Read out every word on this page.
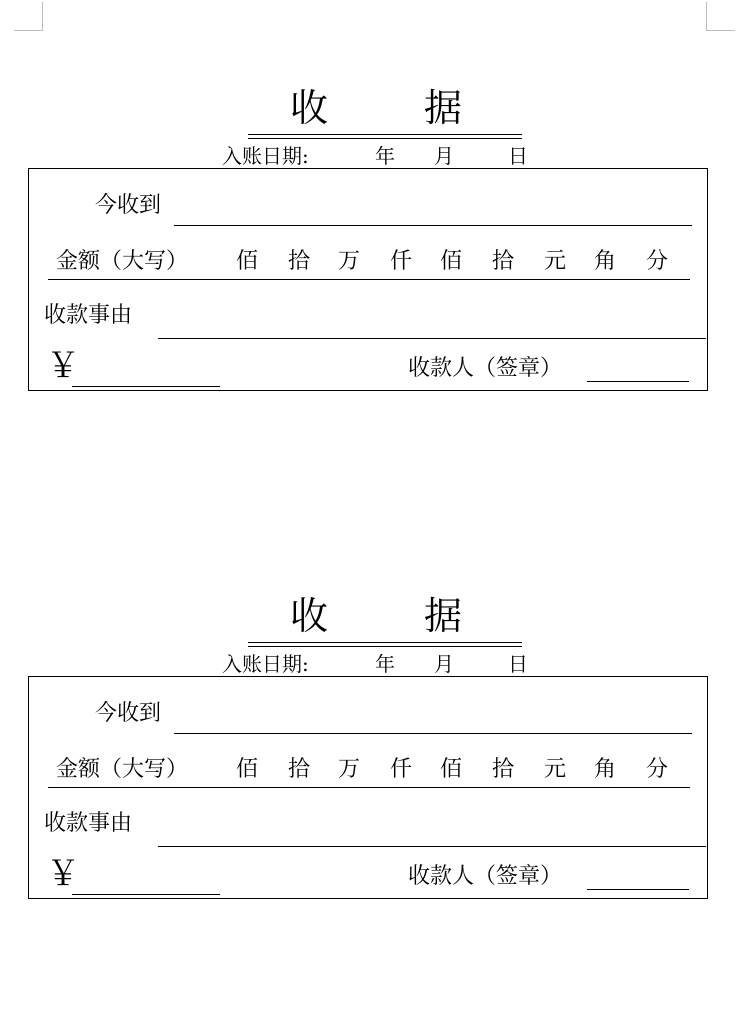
收	据
入账日期:	年 月	日
今收到
金额（大写） 佰 拾 万 仟 佰 拾 元 角 分
收款事由
￥	收款人（签章）
收	据
入账日期:	年 月	日
今收到
金额（大写） 佰 拾 万 仟 佰 拾 元 角 分
收款事由
￥	收款人（签章）
